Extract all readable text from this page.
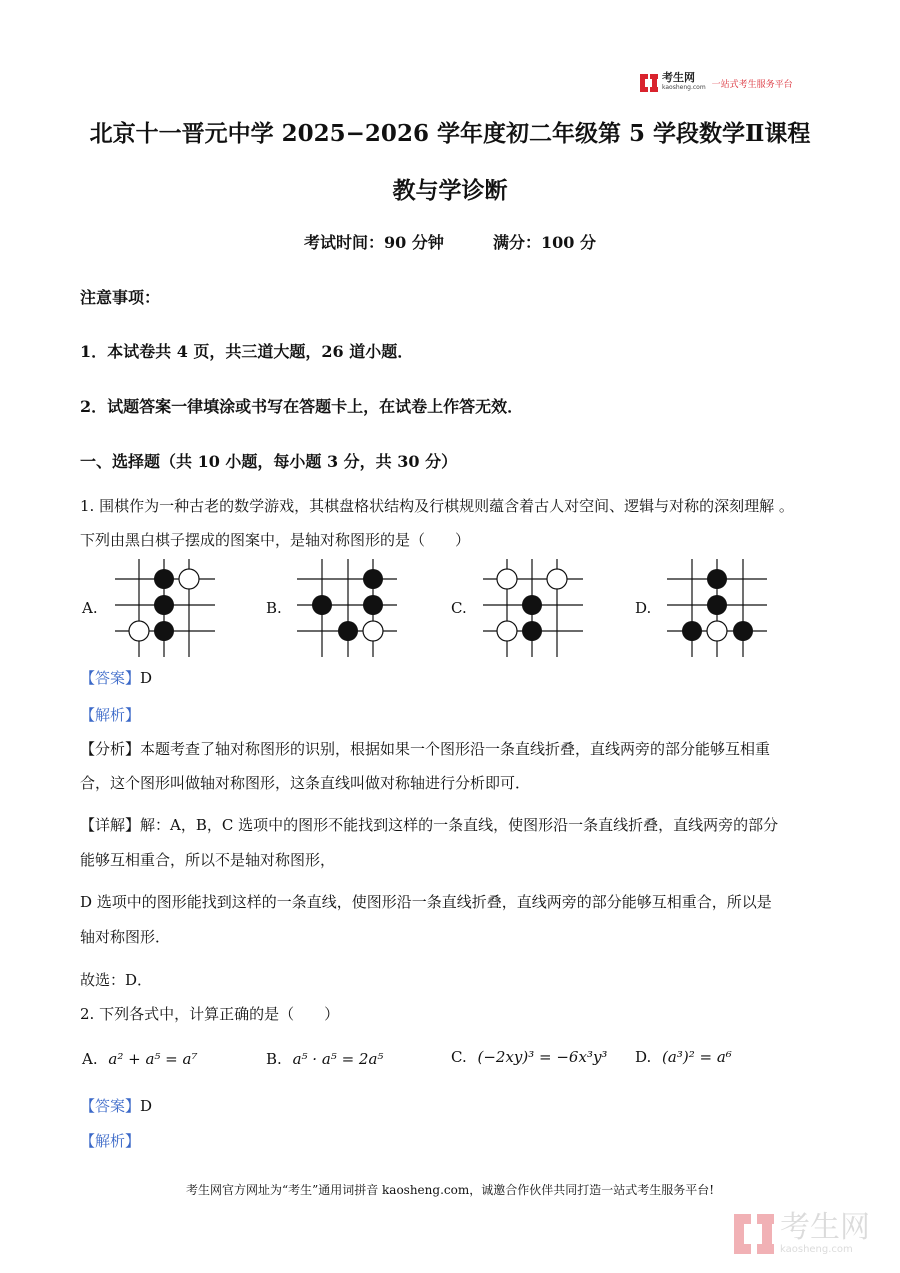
考生网
kaosheng.com 一站式考生服务平台
北京十一晋元中学 2025−2026 学年度初二年级第 5 学段数学Ⅱ课程
教与学诊断
考试时间：90 分钟	满分：100 分
注意事项：
1．本试卷共 4 页，共三道大题，26 道小题．
2．试题答案一律填涂或书写在答题卡上，在试卷上作答无效．
一、选择题（共 10 小题，每小题 3 分，共 30 分）
1. 围棋作为一种古老的数学游戏，其棋盘格状结构及行棋规则蕴含着古人对空间、逻辑与对称的深刻理解 。
下列由黑白棋子摆成的图案中，是轴对称图形的是（　　）
A.	B.	C.	D.
【答案】D
【解析】
【分析】本题考查了轴对称图形的识别，根据如果一个图形沿一条直线折叠，直线两旁的部分能够互相重
合，这个图形叫做轴对称图形，这条直线叫做对称轴进行分析即可．
【详解】解：A，B，C 选项中的图形不能找到这样的一条直线，使图形沿一条直线折叠，直线两旁的部分
能够互相重合，所以不是轴对称图形，
D 选项中的图形能找到这样的一条直线，使图形沿一条直线折叠，直线两旁的部分能够互相重合，所以是
轴对称图形．
故选：D．
2. 下列各式中，计算正确的是（　　）
A. a² + a⁵ = a⁷	B. a⁵ · a⁵ = 2a⁵	C. (−2xy)³ = −6x³y³ D. (a³)² = a⁶
【答案】D
【解析】
考生网官方网址为“考生”通用词拼音 kaosheng.com，诚邀合作伙伴共同打造一站式考生服务平台!
考生网
kaosheng.com
